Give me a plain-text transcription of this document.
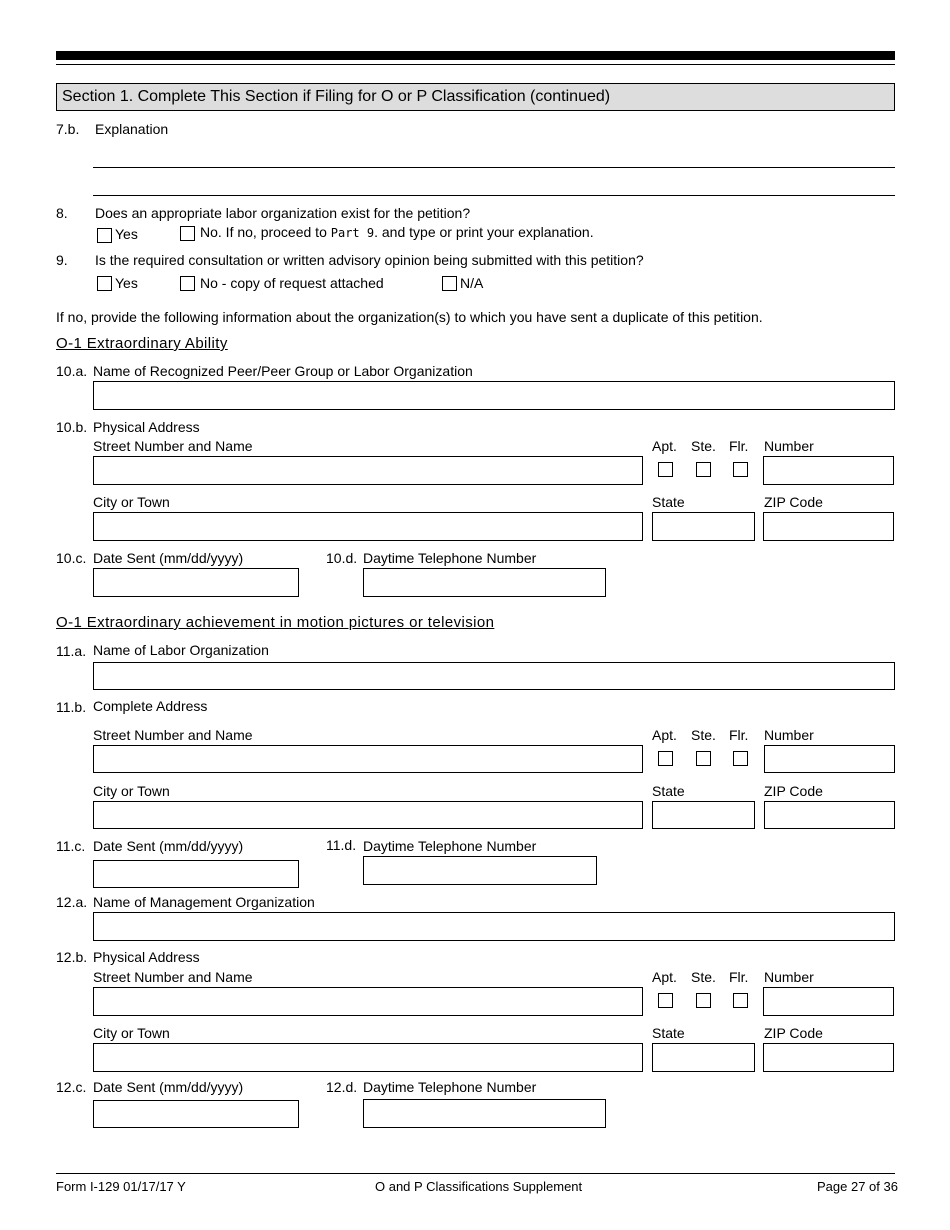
Section 1. Complete This Section if Filing for O or P Classification (continued)
7.b. Explanation
8. Does an appropriate labor organization exist for the petition?
Yes	No. If no, proceed to Part 9. and type or print your explanation.
9. Is the required consultation or written advisory opinion being submitted with this petition?
Yes	No - copy of request attached	N/A
If no, provide the following information about the organization(s) to which you have sent a duplicate of this petition.
O-1 Extraordinary Ability
10.a. Name of Recognized Peer/Peer Group or Labor Organization
10.b. Physical Address
Street Number and Name	Apt. Ste. Flr. Number
City or Town	State	ZIP Code
10.c. Date Sent (mm/dd/yyyy)	10.d. Daytime Telephone Number
O-1 Extraordinary achievement in motion pictures or television
11.a. Name of Labor Organization
11.b. Complete Address
Street Number and Name	Apt. Ste. Flr. Number
City or Town	State	ZIP Code
11.c. Date Sent (mm/dd/yyyy)	11.d. Daytime Telephone Number
12.a. Name of Management Organization
12.b. Physical Address
Street Number and Name	Apt. Ste. Flr. Number
City or Town	State	ZIP Code
12.c. Date Sent (mm/dd/yyyy)	12.d. Daytime Telephone Number
Form I-129 01/17/17 Y	O and P Classifications Supplement	Page 27 of 36
